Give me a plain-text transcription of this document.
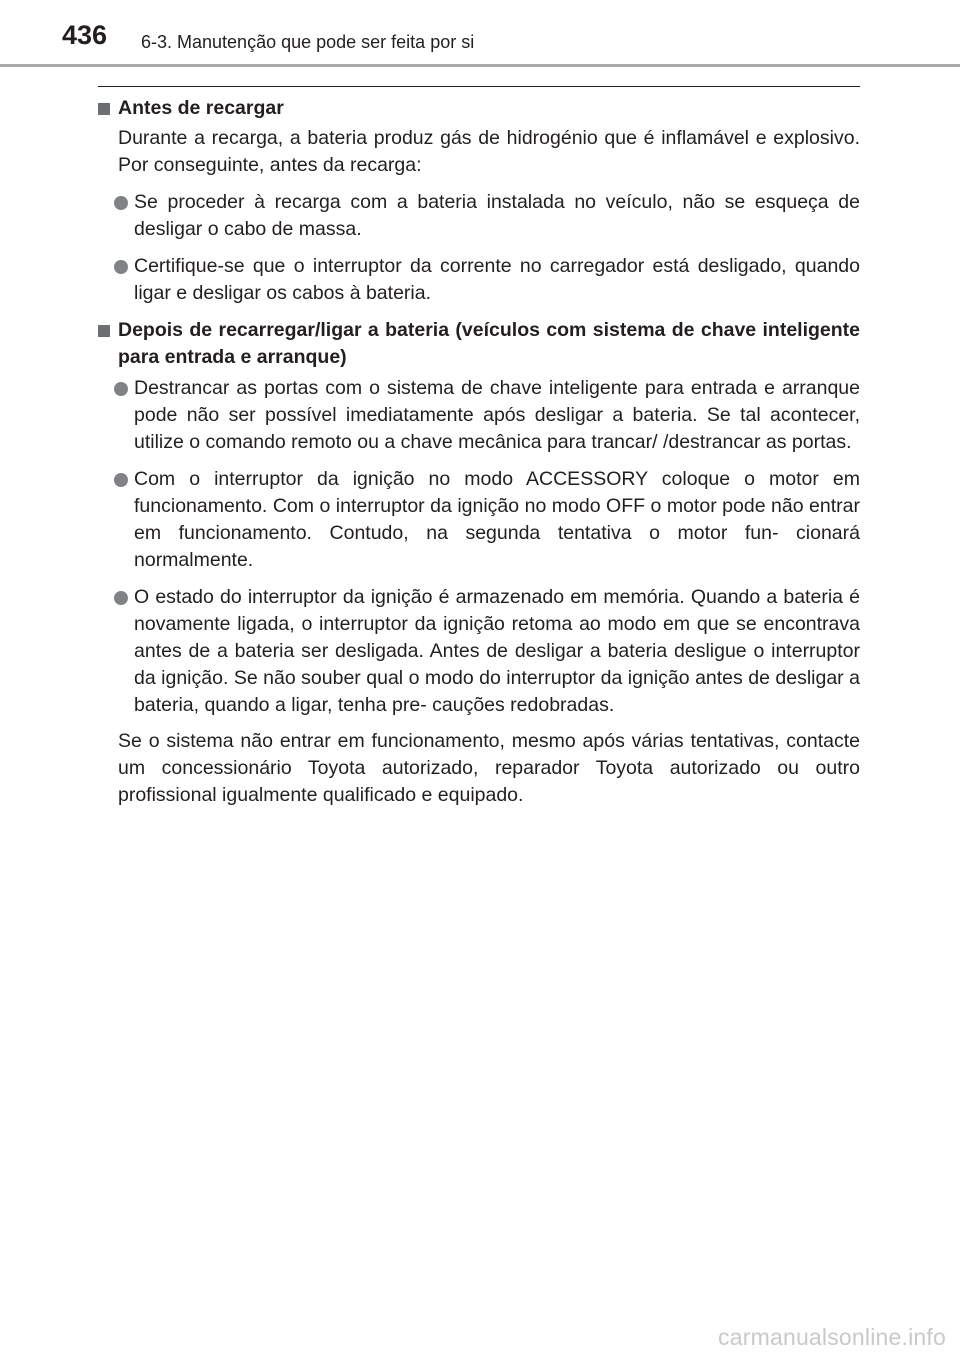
436 6-3. Manutenção que pode ser feita por si
Antes de recargar
Durante a recarga, a bateria produz gás de hidrogénio que é inflamável e explosivo. Por conseguinte, antes da recarga:
Se proceder à recarga com a bateria instalada no veículo, não se esqueça de desligar o cabo de massa.
Certifique-se que o interruptor da corrente no carregador está desligado, quando ligar e desligar os cabos à bateria.
Depois de recarregar/ligar a bateria (veículos com sistema de chave inteligente para entrada e arranque)
Destrancar as portas com o sistema de chave inteligente para entrada e arranque pode não ser possível imediatamente após desligar a bateria. Se tal acontecer, utilize o comando remoto ou a chave mecânica para trancar/ /destrancar as portas.
Com o interruptor da ignição no modo ACCESSORY coloque o motor em funcionamento. Com o interruptor da ignição no modo OFF o motor pode não entrar em funcionamento. Contudo, na segunda tentativa o motor fun- cionará normalmente.
O estado do interruptor da ignição é armazenado em memória. Quando a bateria é novamente ligada, o interruptor da ignição retoma ao modo em que se encontrava antes de a bateria ser desligada. Antes de desligar a bateria desligue o interruptor da ignição. Se não souber qual o modo do interruptor da ignição antes de desligar a bateria, quando a ligar, tenha pre- cauções redobradas.
Se o sistema não entrar em funcionamento, mesmo após várias tentativas, contacte um concessionário Toyota autorizado, reparador Toyota autorizado ou outro profissional igualmente qualificado e equipado.
carmanualsonline.info
